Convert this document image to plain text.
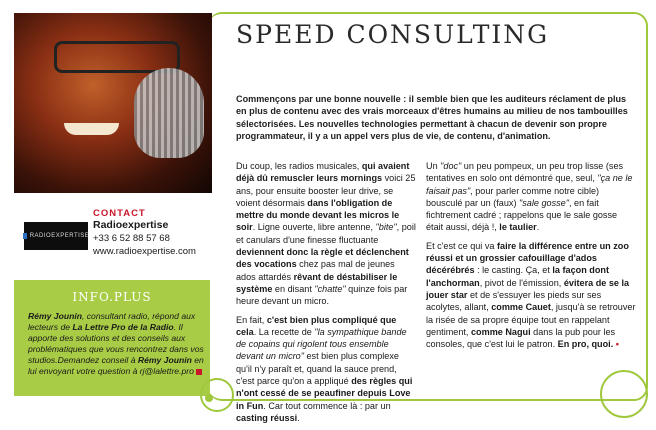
SPEED CONSULTING
Commençons par une bonne nouvelle : il semble bien que les auditeurs réclament de plus en plus de contenu avec des vrais morceaux d'êtres humains au milieu de nos tambouilles sélectorisées. Les nouvelles technologies permettant à chacun de devenir son propre programmateur, il y a un appel vers plus de vie, de contenu, d'animation.

Du coup, les radios musicales, qui avaient déjà dû remuscler leurs mornings voici 25 ans, pour ensuite booster leur drive, se voient désormais dans l'obligation de mettre du monde devant les micros le soir. Ligne ouverte, libre antenne, "bite", poil et canulars d'une finesse fluctuante deviennent donc la règle et déclenchent des vocations chez pas mal de jeunes ados attardés rêvant de déstabiliser le système en disant "chatte" quinze fois par heure devant un micro.

En fait, c'est bien plus compliqué que cela. La recette de "la sympathique bande de copains qui rigolent tous ensemble devant un micro" est bien plus complexe qu'il n'y paraît et, quand la sauce prend, c'est parce qu'on a appliqué des règles qui n'ont cessé de se peaufiner depuis Love in Fun. Car tout commence là : par un casting réussi.

Un "doc" un peu pompeux, un peu trop lisse (ses tentatives en solo ont démontré que, seul, "ça ne le faisait pas", pour parler comme notre cible) bousculé par un (faux) "sale gosse", en fait fichtrement cadré ; rappelons que le sale gosse était aussi, déjà !, le taulier.

Et c'est ce qui va faire la différence entre un zoo réussi et un grossier cafouillage d'ados décérébrés : le casting. Ça, et la façon dont l'anchorman, pivot de l'émission, évitera de se la jouer star et de s'essuyer les pieds sur ses acolytes, allant, comme Cauet, jusqu'à se retrouver la risée de sa propre équipe tout en rappelant gentiment, comme Nagui dans la pub pour les consoles, que c'est lui le patron. En pro, quoi. •

RADIOEXPERTISE
CONTACT
Radioexpertise
+33 6 52 88 57 68
www.radioexpertise.com
INFO.PLUS
Rémy Jounin, consultant radio, répond aux lecteurs de La Lettre Pro de la Radio. Il apporte des solutions et des conseils aux problématiques que vous rencontrez dans vos studios.Demandez conseil à Rémy Jounin en lui envoyant votre question à rj@lalettre.pro
